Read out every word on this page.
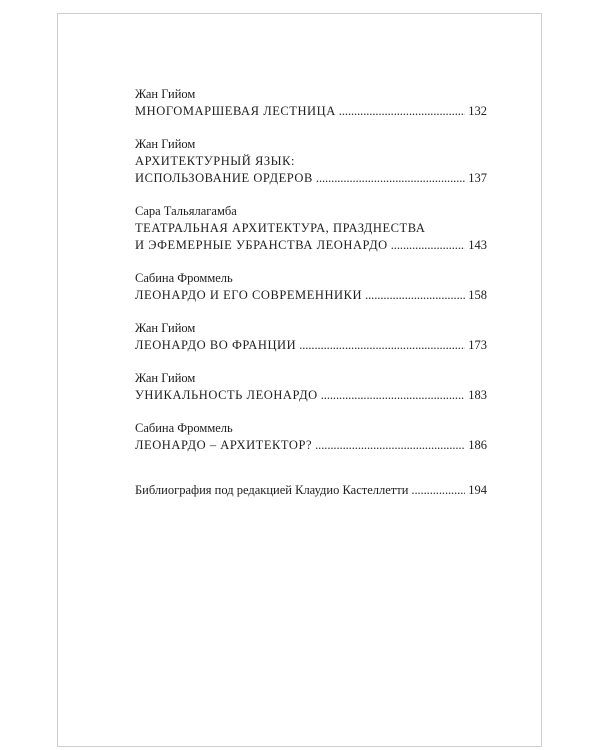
Жан Гийом
МНОГОМАРШЕВАЯ ЛЕСТНИЦА . . .	132
Жан Гийом
АРХИТЕКТУРНЫЙ ЯЗЫК:
ИСПОЛЬЗОВАНИЕ ОРДЕРОВ . . .	137
Сара Тальялагамба
ТЕАТРАЛЬНАЯ АРХИТЕКТУРА, ПРАЗДНЕСТВА
И ЭФЕМЕРНЫЕ УБРАНСТВА ЛЕОНАРДО . . .	143
Сабина Фроммель
ЛЕОНАРДО И ЕГО СОВРЕМЕННИКИ . . .	158
Жан Гийом
ЛЕОНАРДО ВО ФРАНЦИИ . . .	173
Жан Гийом
УНИКАЛЬНОСТЬ ЛЕОНАРДО . . .	183
Сабина Фроммель
ЛЕОНАРДО – АРХИТЕКТОР? . . .	186
Библиография под редакцией Клаудио Кастеллетти . . .	194
